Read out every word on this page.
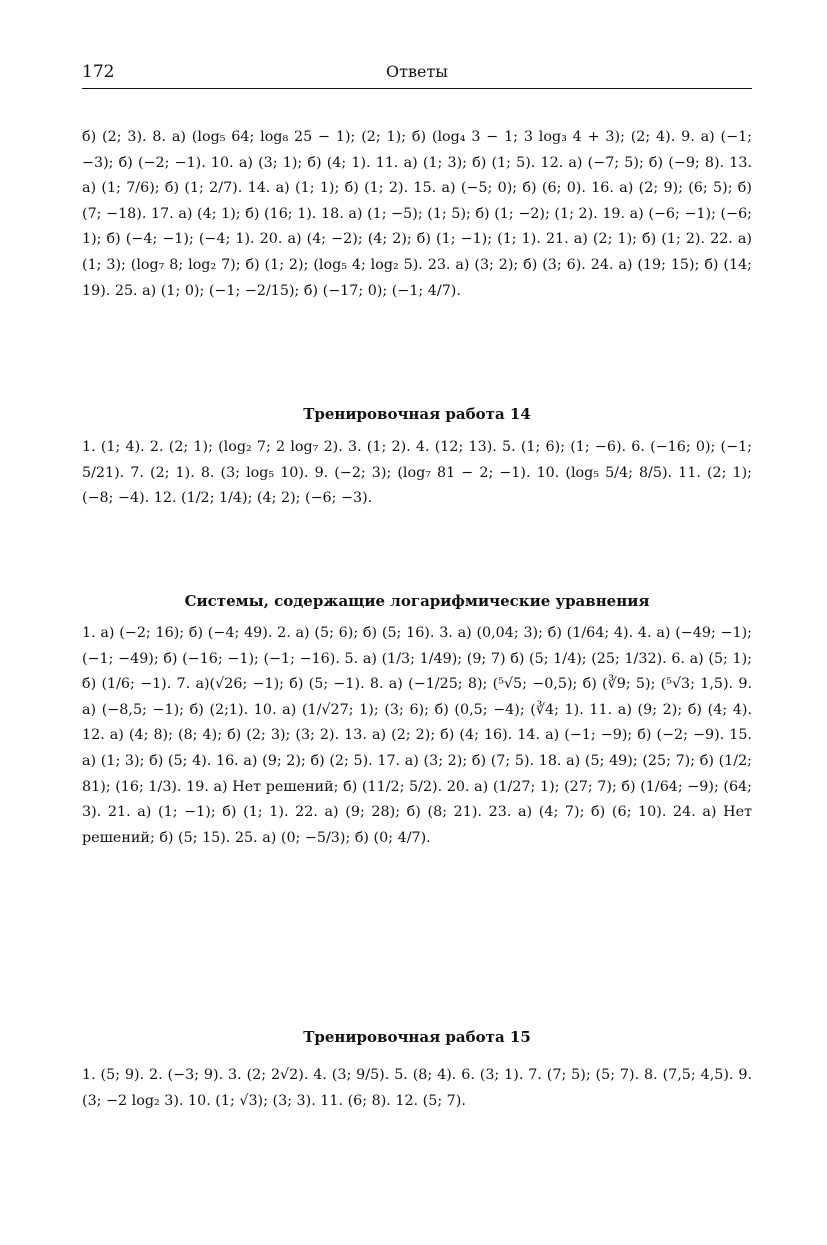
172	Ответы

б) (2; 3). 8. а) (log₅ 64; log₈ 25 − 1); (2; 1); б) (log₄ 3 − 1; 3 log₃ 4 + 3); (2; 4). 9. а) (−1; −3); б) (−2; −1). 10. а) (3; 1); б) (4; 1). 11. а) (1; 3); б) (1; 5). 12. а) (−7; 5); б) (−9; 8). 13. а) (1; 7/6); б) (1; 2/7). 14. а) (1; 1); б) (1; 2). 15. а) (−5; 0); б) (6; 0). 16. а) (2; 9); (6; 5); б) (7; −18). 17. а) (4; 1); б) (16; 1). 18. а) (1; −5); (1; 5); б) (1; −2); (1; 2). 19. а) (−6; −1); (−6; 1); б) (−4; −1); (−4; 1). 20. а) (4; −2); (4; 2); б) (1; −1); (1; 1). 21. а) (2; 1); б) (1; 2). 22. а) (1; 3); (log₇ 8; log₂ 7); б) (1; 2); (log₅ 4; log₂ 5). 23. а) (3; 2); б) (3; 6). 24. а) (19; 15); б) (14; 19). 25. а) (1; 0); (−1; −2/15); б) (−17; 0); (−1; 4/7).

Тренировочная работа 14

1. (1; 4). 2. (2; 1); (log₂ 7; 2 log₇ 2). 3. (1; 2). 4. (12; 13). 5. (1; 6); (1; −6). 6. (−16; 0); (−1; 5/21). 7. (2; 1). 8. (3; log₅ 10). 9. (−2; 3); (log₇ 81 − 2; −1). 10. (log₅ 5/4; 8/5). 11. (2; 1); (−8; −4). 12. (1/2; 1/4); (4; 2); (−6; −3).

Системы, содержащие логарифмические уравнения

1. а) (−2; 16); б) (−4; 49). 2. а) (5; 6); б) (5; 16). 3. а) (0,04; 3); б) (1/64; 4). 4. а) (−49; −1); (−1; −49); б) (−16; −1); (−1; −16). 5. а) (1/3; 1/49); (9; 7) б) (5; 1/4); (25; 1/32). 6. а) (5; 1); б) (1/6; −1). 7. а)(√26; −1); б) (5; −1). 8. а) (−1/25; 8); (⁵√5; −0,5); б) (∛9; 5); (⁵√3; 1,5). 9. а) (−8,5; −1); б) (2;1). 10. а) (1/√27; 1); (3; 6); б) (0,5; −4); (∛4; 1). 11. а) (9; 2); б) (4; 4). 12. а) (4; 8); (8; 4); б) (2; 3); (3; 2). 13. а) (2; 2); б) (4; 16). 14. а) (−1; −9); б) (−2; −9). 15. а) (1; 3); б) (5; 4). 16. а) (9; 2); б) (2; 5). 17. а) (3; 2); б) (7; 5). 18. а) (5; 49); (25; 7); б) (1/2; 81); (16; 1/3). 19. а) Нет решений; б) (11/2; 5/2). 20. а) (1/27; 1); (27; 7); б) (1/64; −9); (64; 3). 21. а) (1; −1); б) (1; 1). 22. а) (9; 28); б) (8; 21). 23. а) (4; 7); б) (6; 10). 24. а) Нет решений; б) (5; 15). 25. а) (0; −5/3); б) (0; 4/7).

Тренировочная работа 15

1. (5; 9). 2. (−3; 9). 3. (2; 2√2). 4. (3; 9/5). 5. (8; 4). 6. (3; 1). 7. (7; 5); (5; 7). 8. (7,5; 4,5). 9. (3; −2 log₂ 3). 10. (1; √3); (3; 3). 11. (6; 8). 12. (5; 7).
